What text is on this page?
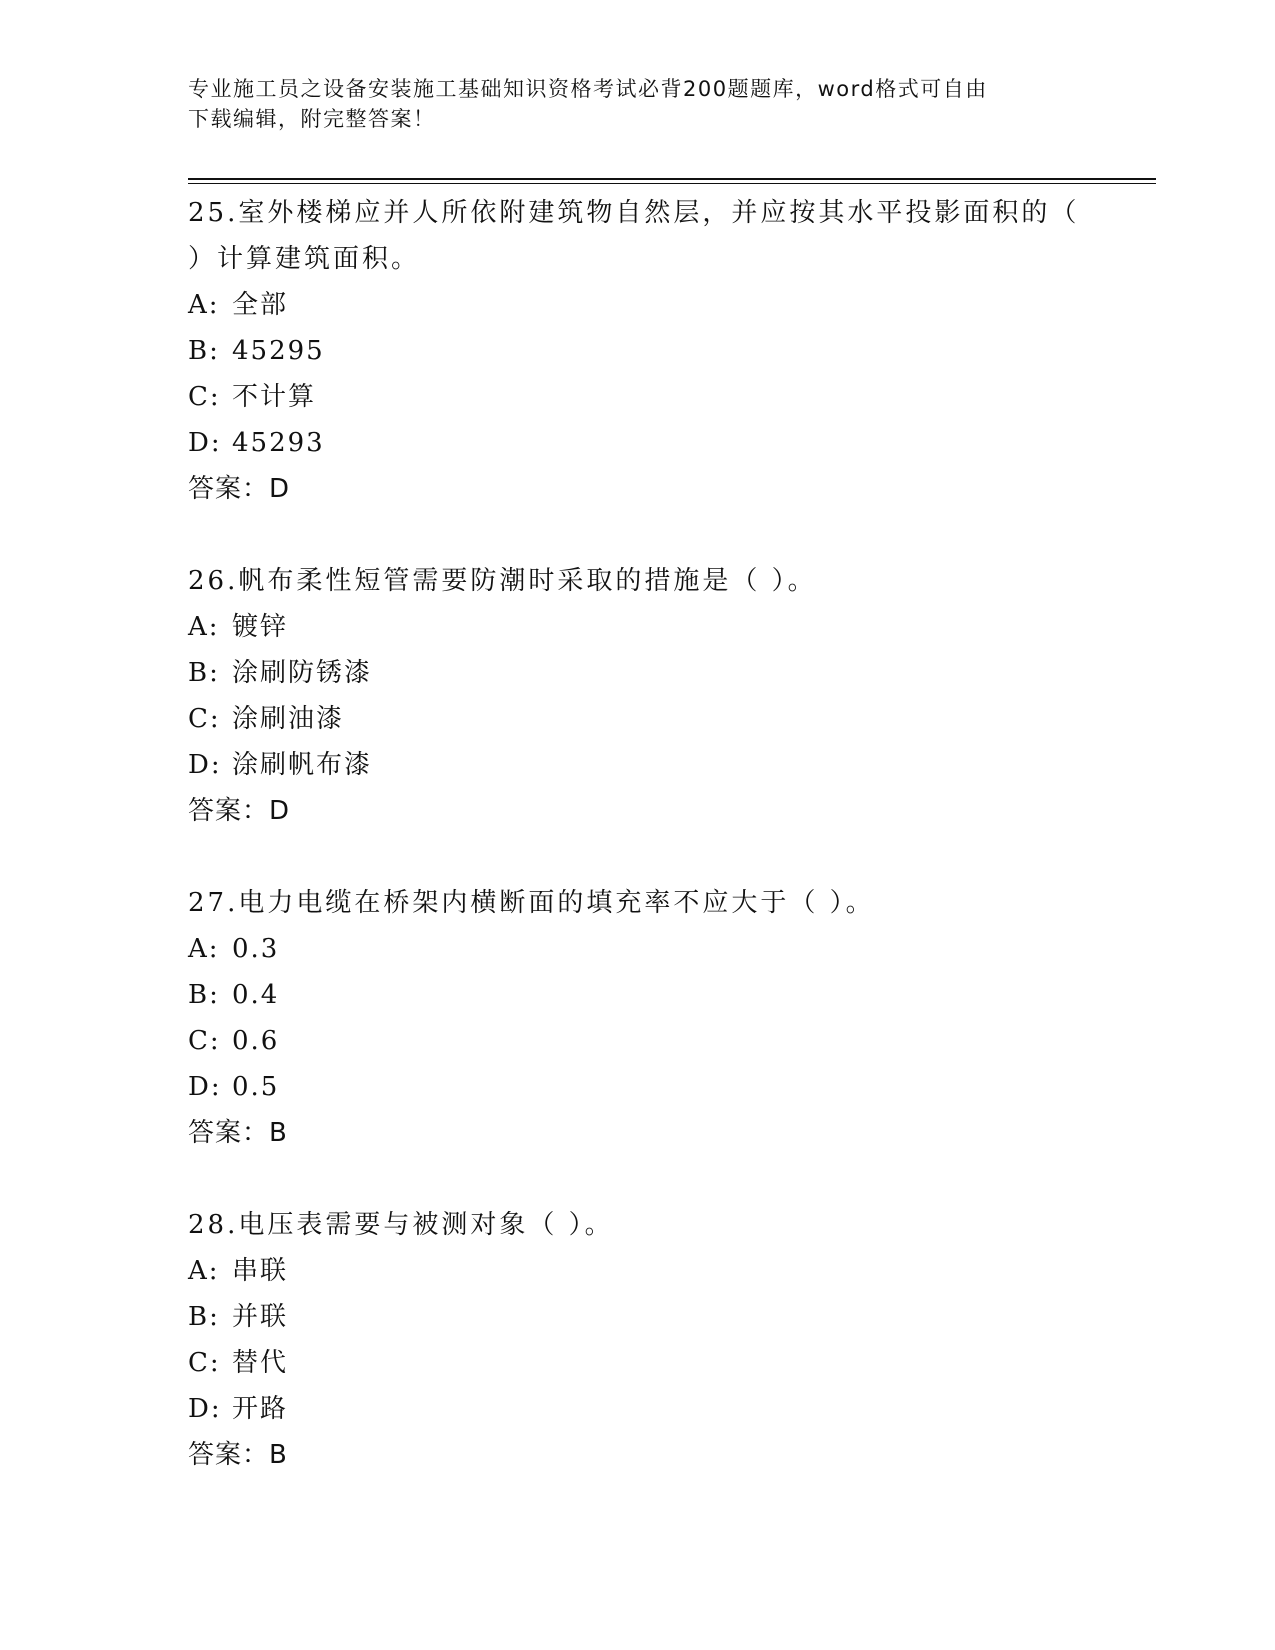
专业施工员之设备安装施工基础知识资格考试必背200题题库，word格式可自由
下载编辑，附完整答案！

25.室外楼梯应并人所依附建筑物自然层，并应按其水平投影面积的（
）计算建筑面积。

A: 全部
B: 45295
C: 不计算
D: 45293
答案：D

26.帆布柔性短管需要防潮时采取的措施是（ ）。

A: 镀锌
B: 涂刷防锈漆
C: 涂刷油漆
D: 涂刷帆布漆
答案：D

27.电力电缆在桥架内横断面的填充率不应大于（ ）。

A: 0.3
B: 0.4
C: 0.6
D: 0.5
答案：B

28.电压表需要与被测对象（ ）。

A: 串联
B: 并联
C: 替代
D: 开路
答案：B
